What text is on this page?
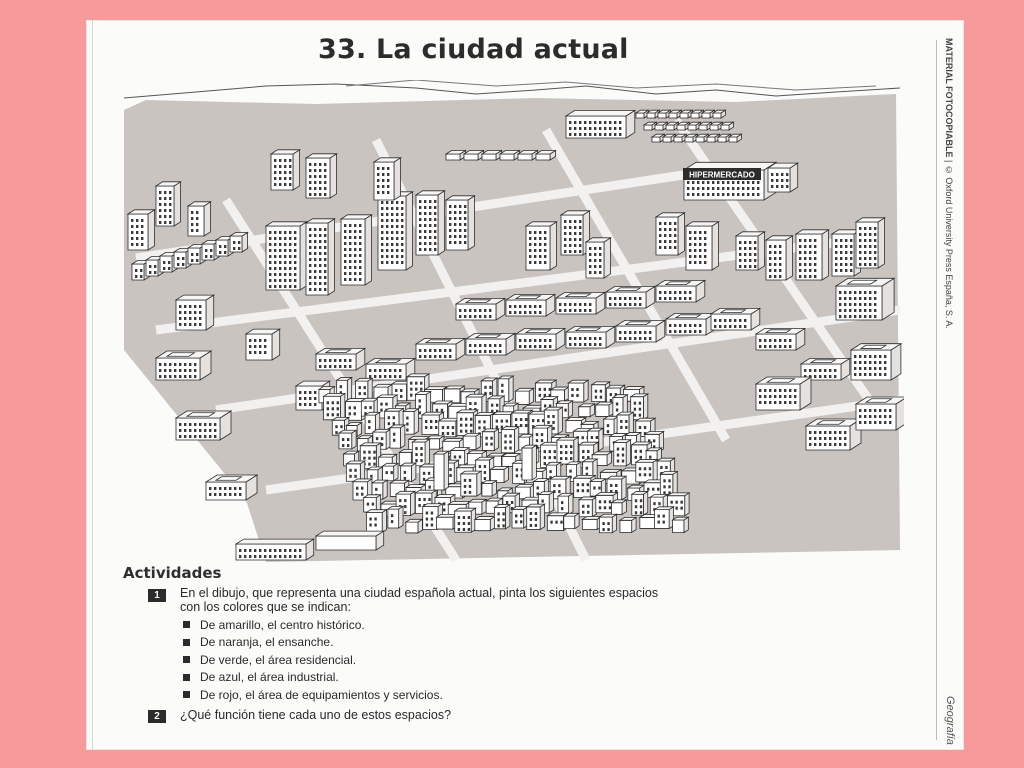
33. La ciudad actual	MATERIAL FOTOCOPIABLE | © Oxford University Press España, S. A.
HIPERMERCADO
Actividades
1	En el dibujo, que representa una ciudad española actual, pinta los siguientes espacios
con los colores que se indican:
De amarillo, el centro histórico.
De naranja, el ensanche.
De verde, el área residencial.
De azul, el área industrial.
De rojo, el área de equipamientos y servicios.
2	¿Qué función tiene cada uno de estos espacios?	Geografía
